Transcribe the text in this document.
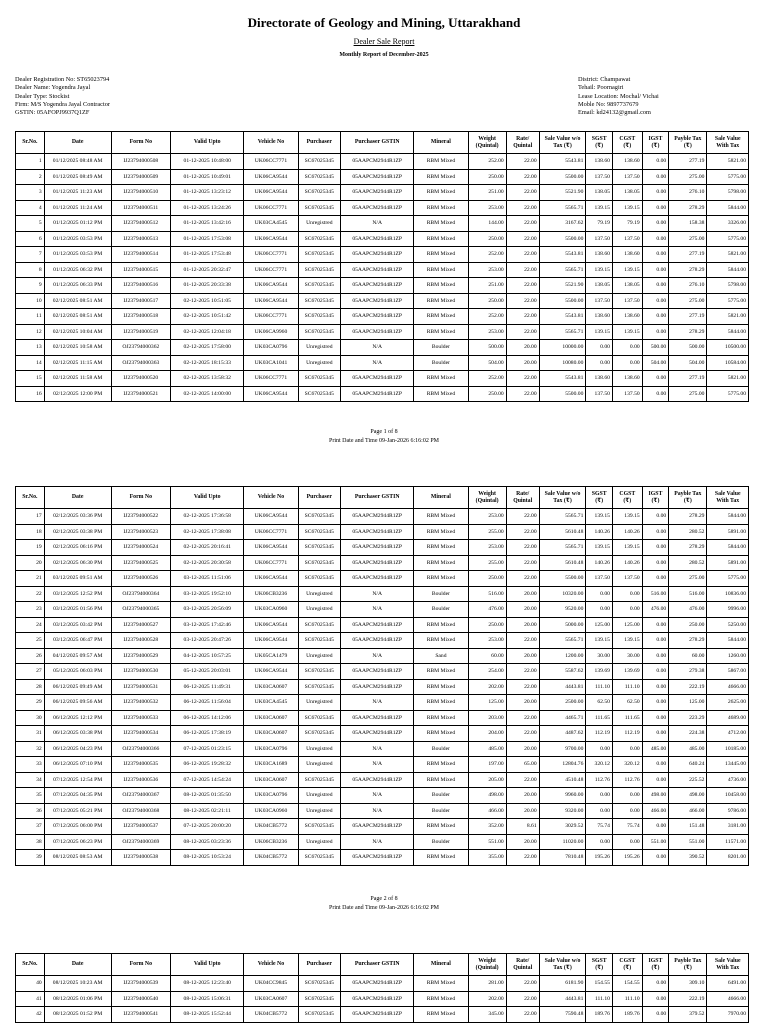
Directorate of Geology and Mining, Uttarakhand
Dealer Sale Report
Monthly Report of December-2025
Dealer Registration No: ST65023794
Dealer Name: Yogendra Jayal
Dealer Type: Stockist
Firm: M/S Yogendra Jayal Contractor
GSTIN: 05AFOPJ9937Q1ZF
District: Champawat
Tehail: Poornagiri
Lease Location: Mochal/ Vichai
Moble No: 9897737679
Email: kd24132@gmail.com
Sr.No.	Date	Form No	Valid Upto	Vehicle No	Purchaser	Purchaser GSTIN	Mineral	Weight (Quintal)	Rate/ Quintal	Sale Value w/o Tax (₹)	SGST (₹)	CGST (₹)	IGST (₹)	Payble Tax (₹)	Sale Value With Tax
1	01/12/2025 08:48 AM	IJ23794000508	01-12-2025 10:48:00	UK06CC7771	SC67025345	05AAPCM2944R1ZP	RBM Mixed	252.00	22.00	5543.81	138.60	138.60	0.00	277.19	5821.00
2	01/12/2025 08:49 AM	IJ23794000509	01-12-2025 10:49:01	UK06CA9544	SC67025345	05AAPCM2944R1ZP	RBM Mixed	250.00	22.00	5500.00	137.50	137.50	0.00	275.00	5775.00
3	01/12/2025 11:23 AM	IJ23794000510	01-12-2025 13:23:12	UK06CA9544	SC67025345	05AAPCM2944R1ZP	RBM Mixed	251.00	22.00	5521.90	138.05	138.05	0.00	276.10	5798.00
4	01/12/2025 11:24 AM	IJ23794000511	01-12-2025 13:24:26	UK06CC7771	SC67025345	05AAPCM2944R1ZP	RBM Mixed	253.00	22.00	5565.71	139.15	139.15	0.00	278.29	5844.00
5	01/12/2025 01:12 PM	IJ23794000512	01-12-2025 13:42:16	UK03CA4545	Unregistred	N/A	RBM Mixed	144.00	22.00	3167.62	79.19	79.19	0.00	158.38	3326.00
6	01/12/2025 03:53 PM	IJ23794000513	01-12-2025 17:53:08	UK06CA9544	SC67025345	05AAPCM2944R1ZP	RBM Mixed	250.00	22.00	5500.00	137.50	137.50	0.00	275.00	5775.00
7	01/12/2025 03:53 PM	IJ23794000514	01-12-2025 17:53:48	UK06CC7771	SC67025345	05AAPCM2944R1ZP	RBM Mixed	252.00	22.00	5543.81	138.60	138.60	0.00	277.19	5821.00
8	01/12/2025 06:32 PM	IJ23794000515	01-12-2025 20:32:47	UK06CC7771	SC67025345	05AAPCM2944R1ZP	RBM Mixed	253.00	22.00	5565.71	139.15	139.15	0.00	278.29	5844.00
9	01/12/2025 06:33 PM	IJ23794000516	01-12-2025 20:33:38	UK06CA9544	SC67025345	05AAPCM2944R1ZP	RBM Mixed	251.00	22.00	5521.90	138.05	138.05	0.00	276.10	5798.00
10	02/12/2025 08:51 AM	IJ23794000517	02-12-2025 10:51:05	UK06CA9544	SC67025345	05AAPCM2944R1ZP	RBM Mixed	250.00	22.00	5500.00	137.50	137.50	0.00	275.00	5775.00
11	02/12/2025 08:51 AM	IJ23794000518	02-12-2025 10:51:42	UK06CC7771	SC67025345	05AAPCM2944R1ZP	RBM Mixed	252.00	22.00	5543.81	138.60	138.60	0.00	277.19	5821.00
12	02/12/2025 10:04 AM	IJ23794000519	02-12-2025 12:04:18	UK06CA9960	SC67025345	05AAPCM2944R1ZP	RBM Mixed	253.00	22.00	5565.71	139.15	139.15	0.00	278.29	5844.00
13	02/12/2025 10:58 AM	OJ23794000362	02-12-2025 17:58:00	UK03CA0796	Unregistred	N/A	Boulder	500.00	20.00	10000.00	0.00	0.00	500.00	500.00	10500.00
14	02/12/2025 11:15 AM	OJ23794000363	02-12-2025 18:15:33	UK03CA1041	Unregistred	N/A	Boulder	504.00	20.00	10080.00	0.00	0.00	504.00	504.00	10584.00
15	02/12/2025 11:58 AM	IJ23794000520	02-12-2025 13:58:32	UK06CC7771	SC67025345	05AAPCM2944R1ZP	RBM Mixed	252.00	22.00	5543.81	138.60	138.60	0.00	277.19	5821.00
16	02/12/2025 12:00 PM	IJ23794000521	02-12-2025 14:00:00	UK06CA9544	SC67025345	05AAPCM2944R1ZP	RBM Mixed	250.00	22.00	5500.00	137.50	137.50	0.00	275.00	5775.00
Page 1 of 8
Print Date and Time 09-Jan-2026 6:16:02 PM
Sr.No.	Date	Form No	Valid Upto	Vehicle No	Purchaser	Purchaser GSTIN	Mineral	Weight (Quintal)	Rate/ Quintal	Sale Value w/o Tax (₹)	SGST (₹)	CGST (₹)	IGST (₹)	Payble Tax (₹)	Sale Value With Tax
17	02/12/2025 03:36 PM	IJ23794000522	02-12-2025 17:36:58	UK06CA9544	SC67025345	05AAPCM2944R1ZP	RBM Mixed	253.00	22.00	5565.71	139.15	139.15	0.00	278.29	5844.00
18	02/12/2025 03:38 PM	IJ23794000523	02-12-2025 17:38:08	UK06CC7771	SC67025345	05AAPCM2944R1ZP	RBM Mixed	255.00	22.00	5610.48	140.26	140.26	0.00	280.52	5891.00
19	02/12/2025 06:16 PM	IJ23794000524	02-12-2025 20:16:41	UK06CA9544	SC67025345	05AAPCM2944R1ZP	RBM Mixed	253.00	22.00	5565.71	139.15	139.15	0.00	278.29	5844.00
20	02/12/2025 06:30 PM	IJ23794000525	02-12-2025 20:30:58	UK06CC7771	SC67025345	05AAPCM2944R1ZP	RBM Mixed	255.00	22.00	5610.48	140.26	140.26	0.00	280.52	5891.00
21	03/12/2025 09:51 AM	IJ23794000526	03-12-2025 11:51:06	UK06CA9544	SC67025345	05AAPCM2944R1ZP	RBM Mixed	250.00	22.00	5500.00	137.50	137.50	0.00	275.00	5775.00
22	03/12/2025 12:52 PM	OJ23794000364	03-12-2025 19:52:10	UK06CB3236	Unregistred	N/A	Boulder	516.00	20.00	10320.00	0.00	0.00	516.00	516.00	10836.00
23	03/12/2025 01:56 PM	OJ23794000365	03-12-2025 20:56:09	UK03CA0960	Unregistred	N/A	Boulder	476.00	20.00	9520.00	0.00	0.00	476.00	476.00	9996.00
24	03/12/2025 03:42 PM	IJ23794000527	03-12-2025 17:42:46	UK06CA9544	SC67025345	05AAPCM2944R1ZP	RBM Mixed	250.00	20.00	5000.00	125.00	125.00	0.00	250.00	5250.00
25	03/12/2025 06:47 PM	IJ23794000528	03-12-2025 20:47:26	UK06CA9544	SC67025345	05AAPCM2944R1ZP	RBM Mixed	253.00	22.00	5565.71	139.15	139.15	0.00	278.29	5844.00
26	04/12/2025 09:57 AM	IJ23794000529	04-12-2025 10:57:25	UK05CA1479	Unregistred	N/A	Sand	60.00	20.00	1200.00	30.00	30.00	0.00	60.00	1260.00
27	05/12/2025 06:03 PM	IJ23794000530	05-12-2025 20:03:01	UK06CA9544	SC67025345	05AAPCM2944R1ZP	RBM Mixed	254.00	22.00	5587.62	139.69	139.69	0.00	279.38	5867.00
28	06/12/2025 09:49 AM	IJ23794000531	06-12-2025 11:49:31	UK03CA0607	SC67025345	05AAPCM2944R1ZP	RBM Mixed	202.00	22.00	4443.81	111.10	111.10	0.00	222.19	4666.00
29	06/12/2025 09:56 AM	IJ23794000532	06-12-2025 11:56:04	UK03CA4545	Unregistred	N/A	RBM Mixed	125.00	20.00	2500.00	62.50	62.50	0.00	125.00	2625.00
30	06/12/2025 12:12 PM	IJ23794000533	06-12-2025 14:12:06	UK03CA0607	SC67025345	05AAPCM2944R1ZP	RBM Mixed	203.00	22.00	4465.71	111.65	111.65	0.00	223.29	4689.00
31	06/12/2025 03:38 PM	IJ23794000534	06-12-2025 17:38:19	UK03CA0607	SC67025345	05AAPCM2944R1ZP	RBM Mixed	204.00	22.00	4487.62	112.19	112.19	0.00	224.38	4712.00
32	06/12/2025 04:23 PM	OJ23794000366	07-12-2025 01:23:15	UK03CA0796	Unregistred	N/A	Boulder	485.00	20.00	9700.00	0.00	0.00	485.00	485.00	10185.00
33	06/12/2025 07:10 PM	IJ23794000535	06-12-2025 19:28:32	UK03CA1689	Unregistred	N/A	RBM Mixed	197.00	65.00	12804.76	320.12	320.12	0.00	640.24	13445.00
34	07/12/2025 12:54 PM	IJ23794000536	07-12-2025 14:54:24	UK03CA0607	SC67025345	05AAPCM2944R1ZP	RBM Mixed	205.00	22.00	4510.48	112.76	112.76	0.00	225.52	4736.00
35	07/12/2025 04:35 PM	OJ23794000367	08-12-2025 01:35:50	UK03CA0796	Unregistred	N/A	Boulder	498.00	20.00	9960.00	0.00	0.00	498.00	498.00	10458.00
36	07/12/2025 05:21 PM	OJ23794000368	08-12-2025 02:21:11	UK03CA0960	Unregistred	N/A	Boulder	466.00	20.00	9320.00	0.00	0.00	466.00	466.00	9786.00
37	07/12/2025 06:00 PM	IJ23794000537	07-12-2025 20:00:20	UK04CB5772	SC67025345	05AAPCM2944R1ZP	RBM Mixed	352.00	8.61	3029.52	75.74	75.74	0.00	151.48	3181.00
38	07/12/2025 06:23 PM	OJ23794000369	08-12-2025 03:23:36	UK06CB3236	Unregistred	N/A	Boulder	551.00	20.00	11020.00	0.00	0.00	551.00	551.00	11571.00
39	08/12/2025 08:53 AM	IJ23794000538	08-12-2025 10:53:24	UK04CB5772	SC67025345	05AAPCM2944R1ZP	RBM Mixed	355.00	22.00	7810.48	195.26	195.26	0.00	390.52	8201.00
Page 2 of 8
Print Date and Time 09-Jan-2026 6:16:02 PM
Sr.No.	Date	Form No	Valid Upto	Vehicle No	Purchaser	Purchaser GSTIN	Mineral	Weight (Quintal)	Rate/ Quintal	Sale Value w/o Tax (₹)	SGST (₹)	CGST (₹)	IGST (₹)	Payble Tax (₹)	Sale Value With Tax
40	08/12/2025 10:23 AM	IJ23794000539	08-12-2025 12:23:40	UK04CC9845	SC67025345	05AAPCM2944R1ZP	RBM Mixed	281.00	22.00	6181.90	154.55	154.55	0.00	309.10	6491.00
41	08/12/2025 01:06 PM	IJ23794000540	08-12-2025 15:06:31	UK03CA0607	SC67025345	05AAPCM2944R1ZP	RBM Mixed	202.00	22.00	4443.81	111.10	111.10	0.00	222.19	4666.00
42	08/12/2025 01:52 PM	IJ23794000541	08-12-2025 15:52:44	UK04CB5772	SC67025345	05AAPCM2944R1ZP	RBM Mixed	345.00	22.00	7590.48	189.76	189.76	0.00	379.52	7970.00
